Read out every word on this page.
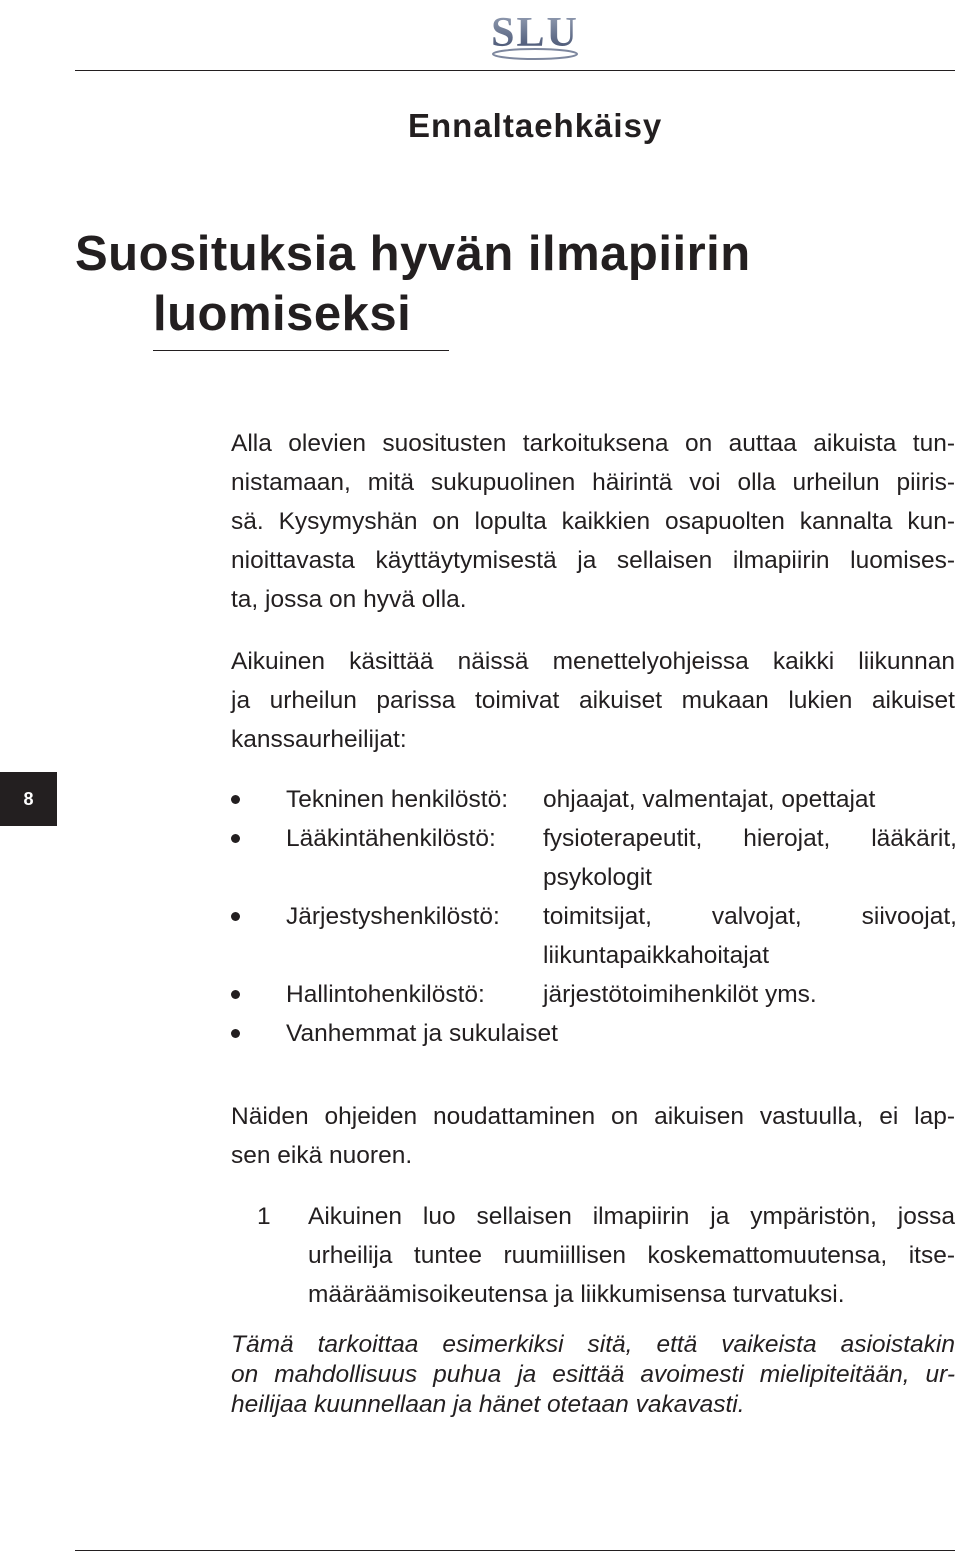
SLU
Ennaltaehkäisy
Suosituksia hyvän ilmapiirin
luomiseksi

Alla olevien suositusten tarkoituksena on auttaa aikuista tun-
nistamaan, mitä sukupuolinen häirintä voi olla urheilun piiris-
sä. Kysymyshän on lopulta kaikkien osapuolten kannalta kun-
nioittavasta käyttäytymisestä ja sellaisen ilmapiirin luomises-
ta, jossa on hyvä olla.

Aikuinen käsittää näissä menettelyohjeissa kaikki liikunnan
ja urheilun parissa toimivat aikuiset mukaan lukien aikuiset
kanssaurheilijat:

8	Tekninen henkilöstö:	ohjaajat, valmentajat, opettajat
Lääkintähenkilöstö:	fysioterapeutit, hierojat, lääkärit,
psykologit
Järjestyshenkilöstö:	toimitsijat, valvojat, siivoojat,
liikuntapaikkahoitajat
Hallintohenkilöstö:	järjestötoimihenkilöt yms.
Vanhemmat ja sukulaiset

Näiden ohjeiden noudattaminen on aikuisen vastuulla, ei lap-
sen eikä nuoren.

1	Aikuinen luo sellaisen ilmapiirin ja ympäristön, jossa
urheilija tuntee ruumiillisen koskemattomuutensa, itse-
määräämisoikeutensa ja liikkumisensa turvatuksi.

Tämä tarkoittaa esimerkiksi sitä, että vaikeista asioistakin
on mahdollisuus puhua ja esittää avoimesti mielipiteitään, ur-
heilijaa kuunnellaan ja hänet otetaan vakavasti.
